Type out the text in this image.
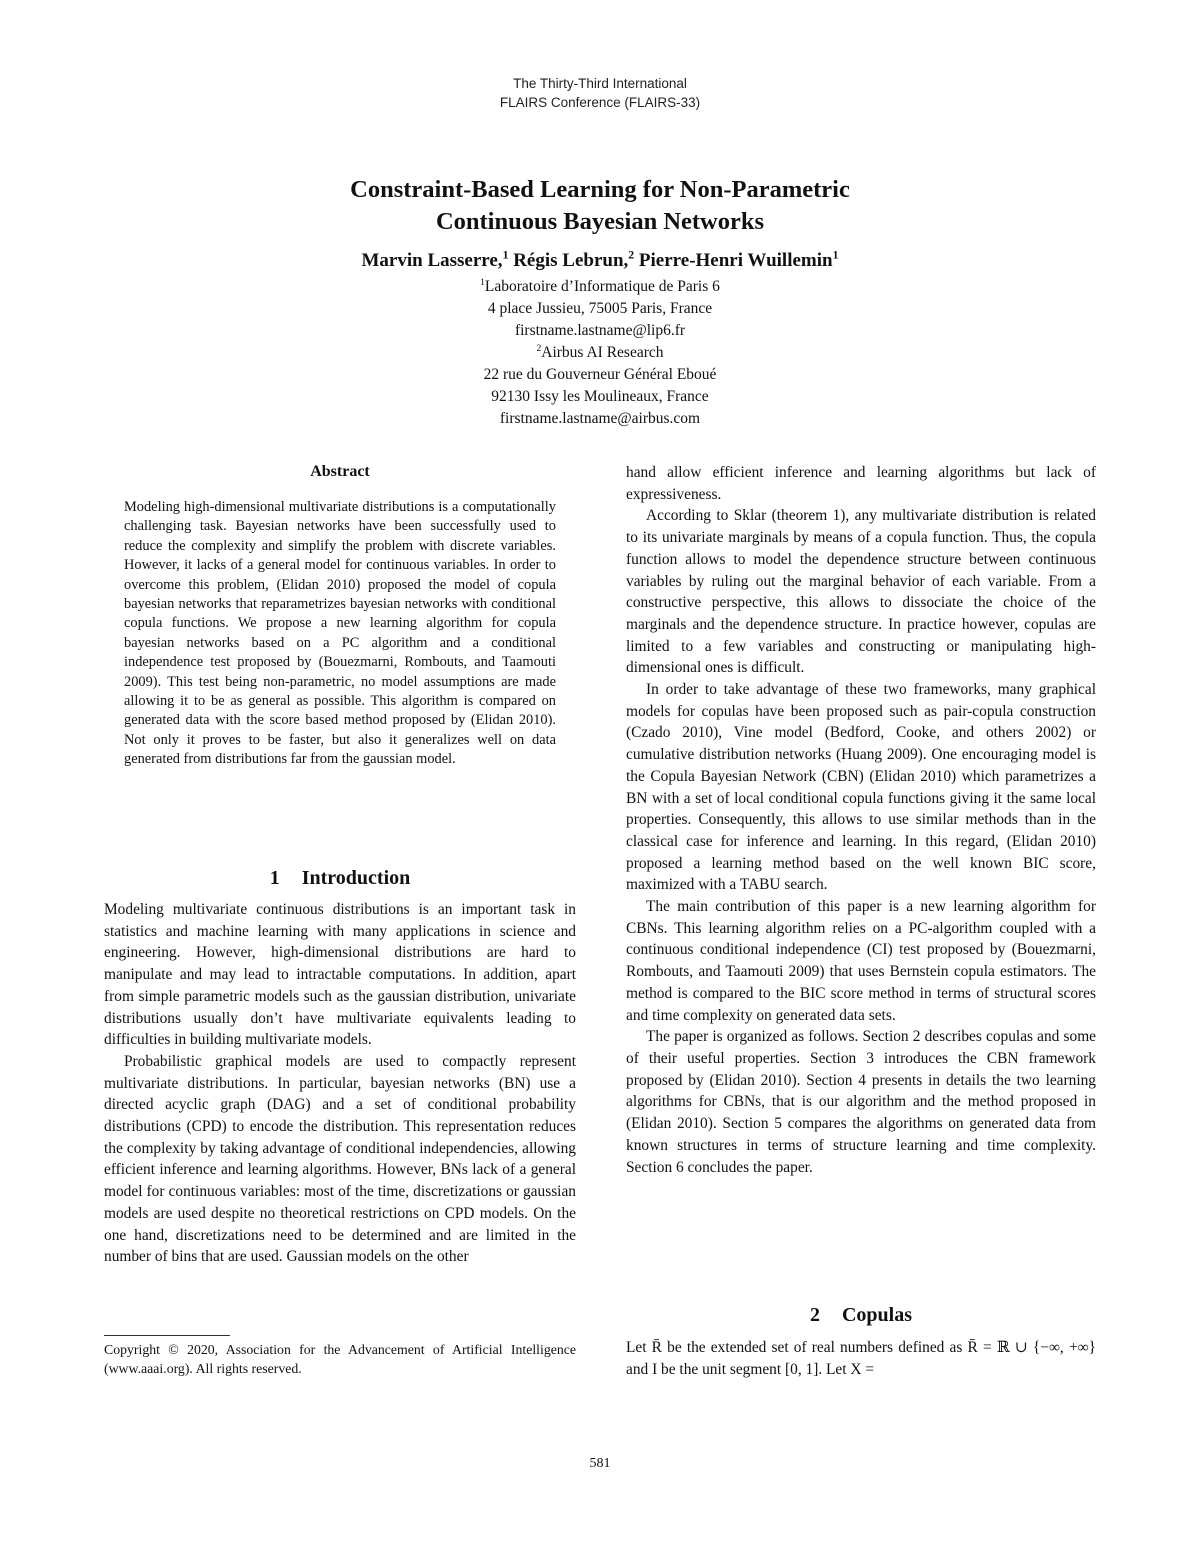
The Thirty-Third International
FLAIRS Conference (FLAIRS-33)
Constraint-Based Learning for Non-Parametric
Continuous Bayesian Networks
Marvin Lasserre,$^1$ Régis Lebrun,$^2$ Pierre-Henri Wuillemin$^1$
$^1$Laboratoire d’Informatique de Paris 6
4 place Jussieu, 75005 Paris, France
firstname.lastname@lip6.fr
$^2$Airbus AI Research
22 rue du Gouverneur Général Eboué
92130 Issy les Moulineaux, France
firstname.lastname@airbus.com
Abstract
Modeling high-dimensional multivariate distributions is a computationally challenging task. Bayesian networks have been successfully used to reduce the complexity and simplify the problem with discrete variables. However, it lacks of a general model for continuous variables. In order to overcome this problem, (Elidan 2010) proposed the model of copula bayesian networks that reparametrizes bayesian networks with conditional copula functions. We propose a new learning algorithm for copula bayesian networks based on a PC algorithm and a conditional independence test proposed by (Bouezmarni, Rombouts, and Taamouti 2009). This test being non-parametric, no model assumptions are made allowing it to be as general as possible. This algorithm is compared on generated data with the score based method proposed by (Elidan 2010). Not only it proves to be faster, but also it generalizes well on data generated from distributions far from the gaussian model.
1 Introduction

Modeling multivariate continuous distributions is an important task in statistics and machine learning with many applications in science and engineering. However, high-dimensional distributions are hard to manipulate and may lead to intractable computations. In addition, apart from simple parametric models such as the gaussian distribution, univariate distributions usually don’t have multivariate equivalents leading to difficulties in building multivariate models.

Probabilistic graphical models are used to compactly represent multivariate distributions. In particular, bayesian networks (BN) use a directed acyclic graph (DAG) and a set of conditional probability distributions (CPD) to encode the distribution. This representation reduces the complexity by taking advantage of conditional independencies, allowing efficient inference and learning algorithms. However, BNs lack of a general model for continuous variables: most of the time, discretizations or gaussian models are used despite no theoretical restrictions on CPD models. On the one hand, discretizations need to be determined and are limited in the number of bins that are used. Gaussian models on the other

Copyright © 2020, Association for the Advancement of Artificial Intelligence (www.aaai.org). All rights reserved.

hand allow efficient inference and learning algorithms but lack of expressiveness.

According to Sklar (theorem 1), any multivariate distribution is related to its univariate marginals by means of a copula function. Thus, the copula function allows to model the dependence structure between continuous variables by ruling out the marginal behavior of each variable. From a constructive perspective, this allows to dissociate the choice of the marginals and the dependence structure. In practice however, copulas are limited to a few variables and constructing or manipulating high-dimensional ones is difficult.

In order to take advantage of these two frameworks, many graphical models for copulas have been proposed such as pair-copula construction (Czado 2010), Vine model (Bedford, Cooke, and others 2002) or cumulative distribution networks (Huang 2009). One encouraging model is the Copula Bayesian Network (CBN) (Elidan 2010) which parametrizes a BN with a set of local conditional copula functions giving it the same local properties. Consequently, this allows to use similar methods than in the classical case for inference and learning. In this regard, (Elidan 2010) proposed a learning method based on the well known BIC score, maximized with a TABU search.

The main contribution of this paper is a new learning algorithm for CBNs. This learning algorithm relies on a PC-algorithm coupled with a continuous conditional independence (CI) test proposed by (Bouezmarni, Rombouts, and Taamouti 2009) that uses Bernstein copula estimators. The method is compared to the BIC score method in terms of structural scores and time complexity on generated data sets.

The paper is organized as follows. Section 2 describes copulas and some of their useful properties. Section 3 introduces the CBN framework proposed by (Elidan 2010). Section 4 presents in details the two learning algorithms for CBNs, that is our algorithm and the method proposed in (Elidan 2010). Section 5 compares the algorithms on generated data from known structures in terms of structure learning and time complexity. Section 6 concludes the paper.

2 Copulas
Let R̄ be the extended set of real numbers defined as R̄ = ℝ ∪ {−∞, +∞} and I be the unit segment [0, 1]. Let X =
581
